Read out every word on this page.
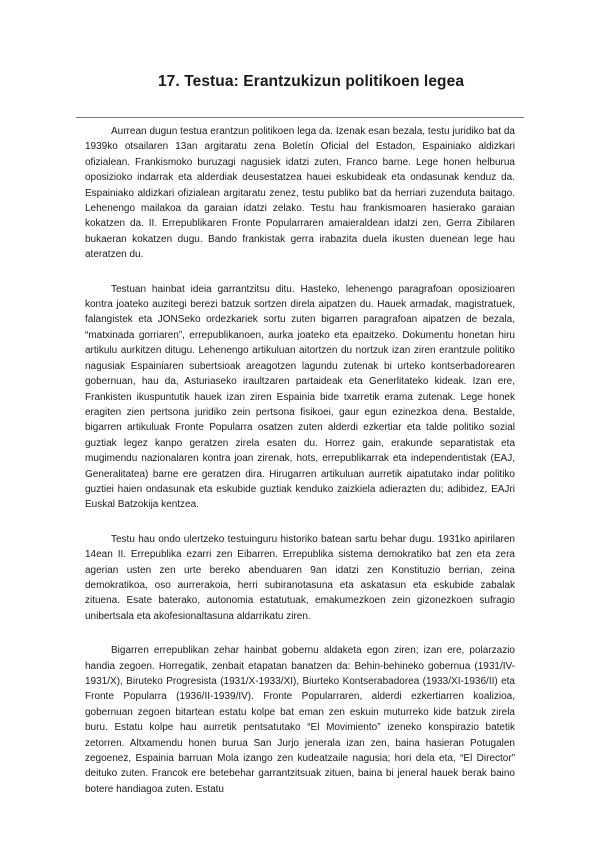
17. Testua: Erantzukizun politikoen legea

Aurrean dugun testua erantzun politikoen lega da. Izenak esan bezala, testu juridiko bat da 1939ko otsailaren 13an argitaratu zena Boletín Oficial del Estadon, Espainiako aldizkari ofizialean. Frankismoko buruzagi nagusiek idatzi zuten, Franco barne. Lege honen helburua oposizioko indarrak eta alderdiak deusestatzea hauei eskubideak eta ondasunak kenduz da. Espainiako aldizkari ofizialean argitaratu zenez, testu publiko bat da herriari zuzenduta baitago. Lehenengo mailakoa da garaian idatzi zelako. Testu hau frankismoaren hasierako garaian kokatzen da. II. Errepublikaren Fronte Popularraren amaieraldean idatzi zen, Gerra Zibilaren bukaeran kokatzen dugu. Bando frankistak gerra irabazita duela ikusten duenean lege hau ateratzen du.

Testuan hainbat ideia garrantzitsu ditu. Hasteko, lehenengo paragrafoan oposizioaren kontra joateko auzitegi berezi batzuk sortzen direla aipatzen du. Hauek armadak, magistratuek, falangistek eta JONSeko ordezkariek sortu zuten bigarren paragrafoan aipatzen de bezala, “matxinada gorriaren”, errepublikanoen, aurka joateko eta epaitzeko. Dokumentu honetan hiru artikulu aurkitzen ditugu. Lehenengo artikuluan aitortzen du nortzuk izan ziren erantzule politiko nagusiak Espainiaren subertsioak areagotzen lagundu zutenak bi urteko kontserbadorearen gobernuan, hau da, Asturiaseko iraultzaren partaideak eta Generlitateko kideak. Izan ere, Frankisten ikuspuntutik hauek izan ziren Espainia bide txarretik erama zutenak. Lege honek eragiten zien pertsona juridiko zein pertsona fisikoei, gaur egun ezinezkoa dena. Bestalde, bigarren artikuluak Fronte Popularra osatzen zuten alderdi ezkertiar eta talde politiko sozial guztiak legez kanpo geratzen zirela esaten du. Horrez gain, erakunde separatistak eta mugimendu nazionalaren kontra joan zirenak, hots, errepublikarrak eta independentistak (EAJ, Generalitatea) barne ere geratzen dira. Hirugarren artikuluan aurretik aipatutako indar politiko guztiei haien ondasunak eta eskubide guztiak kenduko zaizkiela adierazten du; adibidez, EAJri Euskal Batzokija kentzea.

Testu hau ondo ulertzeko testuinguru historiko batean sartu behar dugu. 1931ko apirilaren 14ean II. Errepublika ezarri zen Eibarren. Errepublika sistema demokratiko bat zen eta zera agerian usten zen urte bereko abenduaren 9an idatzi zen Konstituzio berrian, zeina demokratikoa, oso aurrerakoia, herri subiranotasuna eta askatasun eta eskubide zabalak zituena. Esate baterako, autonomia estatutuak, emakumezkoen zein gizonezkoen sufragio unibertsala eta akofesionaltasuna aldarrikatu ziren.

Bigarren errepublikan zehar hainbat gobernu aldaketa egon ziren; izan ere, polarzazio handia zegoen. Horregatik, zenbait etapatan banatzen da: Behin-behineko gobernua (1931/IV-1931/X), Biruteko Progresista (1931/X-1933/XI), Biurteko Kontserabadorea (1933/XI-1936/II) eta Fronte Popularra (1936/II-1939/IV). Fronte Popularraren, alderdi ezkertiarren koalizioa, gobernuan zegoen bitartean estatu kolpe bat eman zen eskuin muturreko kide batzuk zirela buru. Estatu kolpe hau aurretik pentsatutako “El Movimiento” izeneko konspirazio batetik zetorren. Altxamendu honen burua San Jurjo jenerala izan zen, baina hasieran Potugalen zegoenez, Espainia barruan Mola izango zen kudeatzaile nagusia; hori dela eta, “El Director” deituko zuten. Francok ere betebehar garrantzitsuak zituen, baina bi jeneral hauek berak baino botere handiagoa zuten. Estatu
